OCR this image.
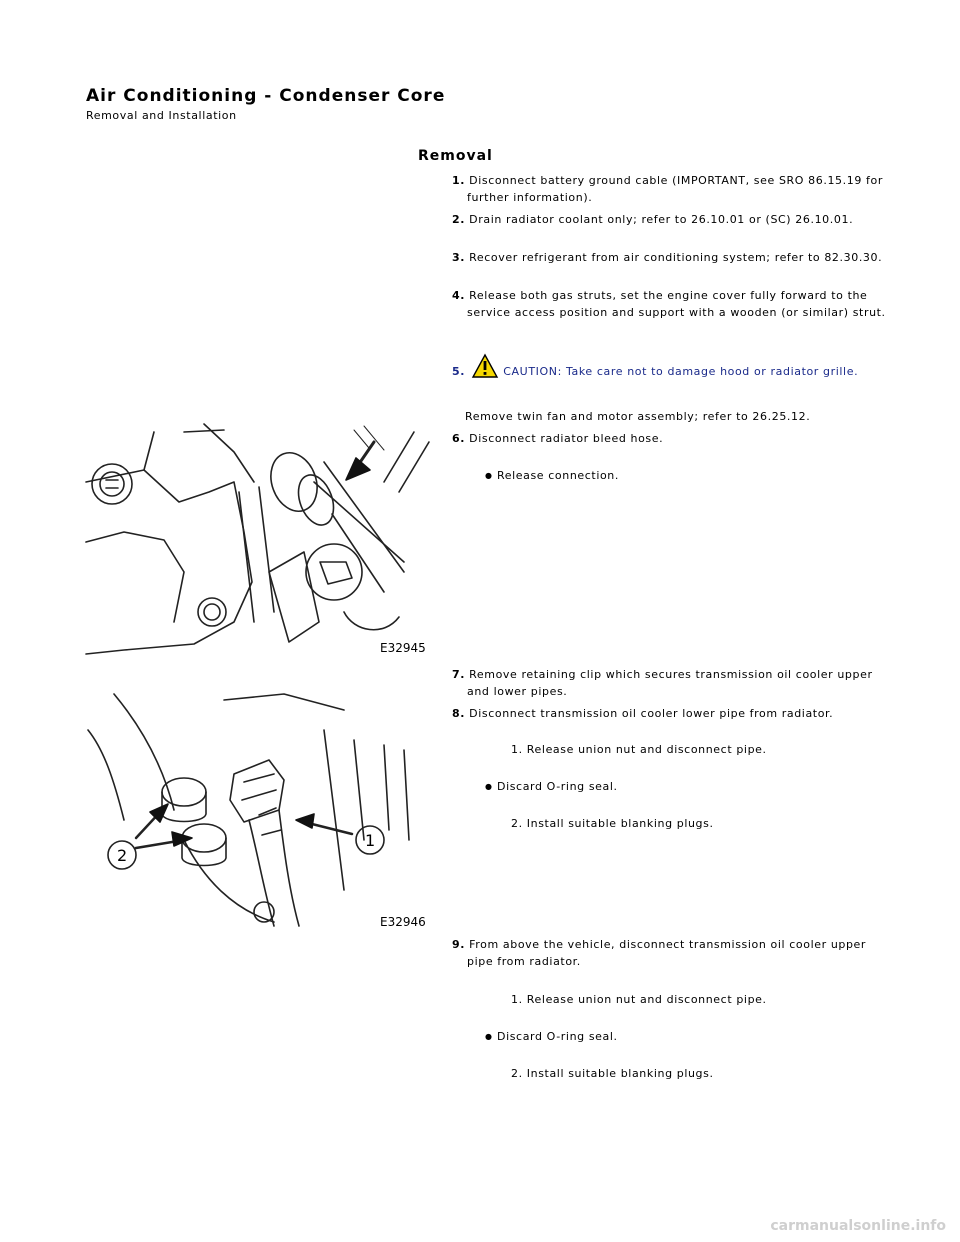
Air Conditioning - Condenser Core
Removal and Installation
Removal
1. Disconnect battery ground cable (IMPORTANT, see SRO 86.15.19 for further information).
2. Drain radiator coolant only; refer to 26.10.01 or (SC) 26.10.01.
3. Recover refrigerant from air conditioning system; refer to 82.30.30.
4. Release both gas struts, set the engine cover fully forward to the service access position and support with a wooden (or similar) strut.
5.	CAUTION: Take care not to damage hood or radiator grille.
Remove twin fan and motor assembly; refer to 26.25.12.
6. Disconnect radiator bleed hose.
● Release connection.
7. Remove retaining clip which secures transmission oil cooler upper and lower pipes.
8. Disconnect transmission oil cooler lower pipe from radiator.
1. Release union nut and disconnect pipe.
● Discard O-ring seal.
2. Install suitable blanking plugs.
9. From above the vehicle, disconnect transmission oil cooler upper pipe from radiator.
1. Release union nut and disconnect pipe.
● Discard O-ring seal.
2. Install suitable blanking plugs.
E32945
2
1
E32946
carmanualsonline.info
